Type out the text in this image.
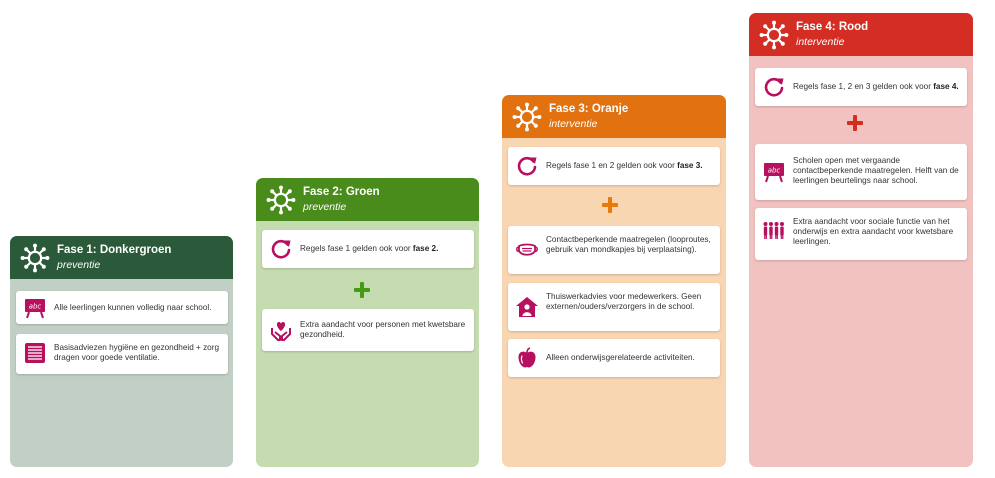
Fase 1: Donkergroen
preventie
Alle leerlingen kunnen volledig naar school.
Basisadviezen hygiëne en gezondheid + zorg dragen voor goede ventilatie.
Fase 2: Groen
preventie
Regels fase 1 gelden ook voor fase 2.
Extra aandacht voor personen met kwetsbare gezondheid.
Fase 3: Oranje
interventie
Regels fase 1 en 2 gelden ook voor fase 3.
Contactbeperkende maatregelen (looproutes, gebruik van mondkapjes bij verplaatsing).
Thuiswerkadvies voor medewerkers. Geen externen/ouders/verzorgers in de school.
Alleen onderwijsgerelateerde activiteiten.
Fase 4: Rood
interventie
Regels fase 1, 2 en 3 gelden ook voor fase 4.
Scholen open met vergaande contactbeperkende maatregelen. Helft van de leerlingen beurtelings naar school.
Extra aandacht voor sociale functie van het onderwijs en extra aandacht voor kwetsbare leerlingen.
